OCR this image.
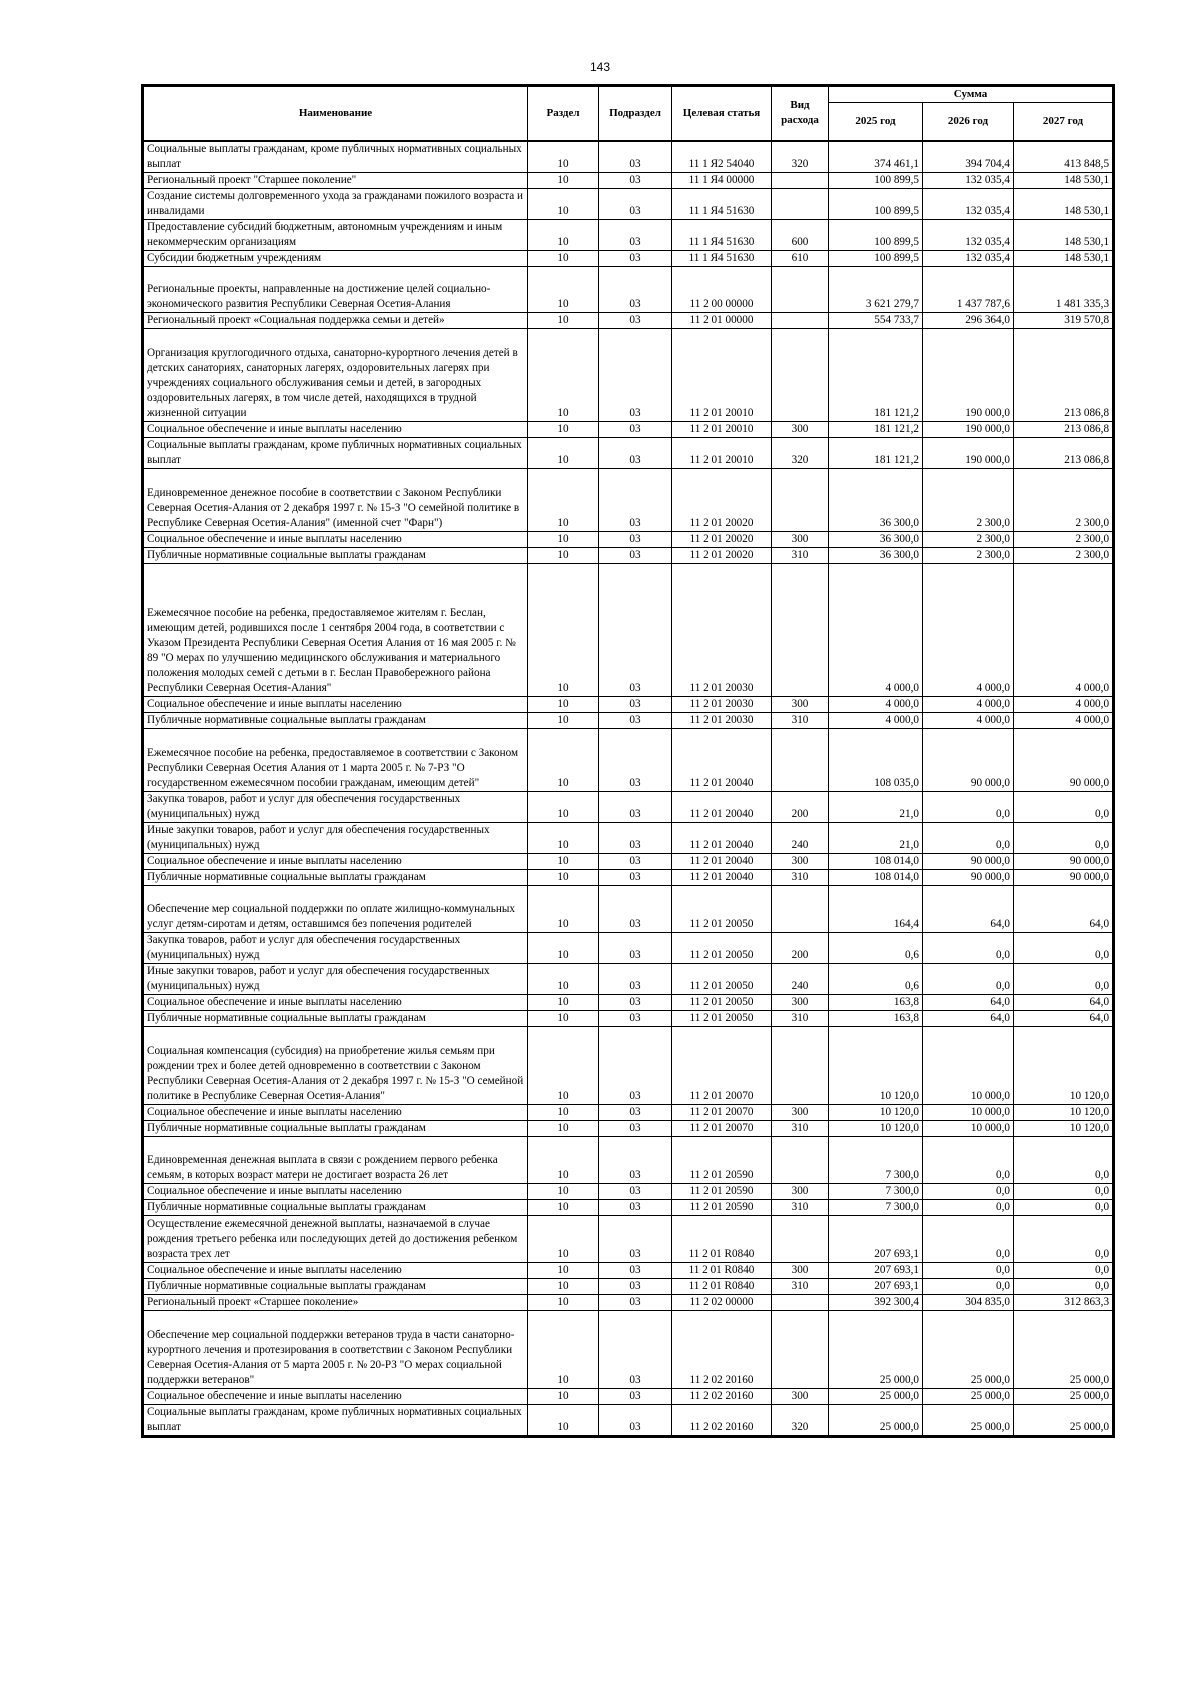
143
Наименование	Раздел	Подраздел	Целевая статья	Вид расхода	Сумма		
					2025 год	2026 год	2027 год
Социальные выплаты гражданам, кроме публичных нормативных социальных выплат	10	03	11 1 Я2 54040	320	374 461,1	394 704,4	413 848,5
Региональный проект "Старшее поколение"	10	03	11 1 Я4 00000		100 899,5	132 035,4	148 530,1
Создание системы долговременного ухода за гражданами пожилого возраста и инвалидами	10	03	11 1 Я4 51630		100 899,5	132 035,4	148 530,1
Предоставление субсидий бюджетным, автономным учреждениям и иным некоммерческим организациям	10	03	11 1 Я4 51630	600	100 899,5	132 035,4	148 530,1
Субсидии бюджетным учреждениям	10	03	11 1 Я4 51630	610	100 899,5	132 035,4	148 530,1
Региональные проекты, направленные на достижение целей социально-экономического развития Республики Северная Осетия-Алания	10	03	11 2 00 00000		3 621 279,7	1 437 787,6	1 481 335,3
Региональный проект «Социальная поддержка семьи и детей»	10	03	11 2 01 00000		554 733,7	296 364,0	319 570,8
Организация круглогодичного отдыха, санаторно-курортного лечения детей в детских санаториях, санаторных лагерях, оздоровительных лагерях при учреждениях социального обслуживания семьи и детей, в загородных оздоровительных лагерях, в том числе детей, находящихся в трудной жизненной ситуации	10	03	11 2 01 20010		181 121,2	190 000,0	213 086,8
Социальное обеспечение и иные выплаты населению	10	03	11 2 01 20010	300	181 121,2	190 000,0	213 086,8
Социальные выплаты гражданам, кроме публичных нормативных социальных выплат	10	03	11 2 01 20010	320	181 121,2	190 000,0	213 086,8
Единовременное денежное пособие в соответствии с Законом Республики Северная Осетия-Алания от 2 декабря 1997 г. № 15-З "О семейной политике в Республике Северная Осетия-Алания" (именной счет "Фарн")	10	03	11 2 01 20020		36 300,0	2 300,0	2 300,0
Социальное обеспечение и иные выплаты населению	10	03	11 2 01 20020	300	36 300,0	2 300,0	2 300,0
Публичные нормативные социальные выплаты гражданам	10	03	11 2 01 20020	310	36 300,0	2 300,0	2 300,0
Ежемесячное пособие на ребенка, предоставляемое жителям г. Беслан, имеющим детей, родившихся после 1 сентября 2004 года, в соответствии с Указом Президента Республики Северная Осетия Алания от 16 мая 2005 г. № 89 "О мерах по улучшению медицинского обслуживания и материального положения молодых семей с детьми в г. Беслан Правобережного района Республики Северная Осетия-Алания"	10	03	11 2 01 20030		4 000,0	4 000,0	4 000,0
Социальное обеспечение и иные выплаты населению	10	03	11 2 01 20030	300	4 000,0	4 000,0	4 000,0
Публичные нормативные социальные выплаты гражданам	10	03	11 2 01 20030	310	4 000,0	4 000,0	4 000,0
Ежемесячное пособие на ребенка, предоставляемое в соответствии с Законом Республики Северная Осетия Алания от 1 марта 2005 г. № 7-РЗ "О государственном ежемесячном пособии гражданам, имеющим детей"	10	03	11 2 01 20040		108 035,0	90 000,0	90 000,0
Закупка товаров, работ и услуг для обеспечения государственных (муниципальных) нужд	10	03	11 2 01 20040	200	21,0	0,0	0,0
Иные закупки товаров, работ и услуг для обеспечения государственных (муниципальных) нужд	10	03	11 2 01 20040	240	21,0	0,0	0,0
Социальное обеспечение и иные выплаты населению	10	03	11 2 01 20040	300	108 014,0	90 000,0	90 000,0
Публичные нормативные социальные выплаты гражданам	10	03	11 2 01 20040	310	108 014,0	90 000,0	90 000,0
Обеспечение мер социальной поддержки по оплате жилищно-коммунальных услуг детям-сиротам и детям, оставшимся без попечения родителей	10	03	11 2 01 20050		164,4	64,0	64,0
Закупка товаров, работ и услуг для обеспечения государственных (муниципальных) нужд	10	03	11 2 01 20050	200	0,6	0,0	0,0
Иные закупки товаров, работ и услуг для обеспечения государственных (муниципальных) нужд	10	03	11 2 01 20050	240	0,6	0,0	0,0
Социальное обеспечение и иные выплаты населению	10	03	11 2 01 20050	300	163,8	64,0	64,0
Публичные нормативные социальные выплаты гражданам	10	03	11 2 01 20050	310	163,8	64,0	64,0
Социальная компенсация (субсидия) на приобретение жилья семьям при рождении трех и более детей одновременно в соответствии с Законом Республики Северная Осетия-Алания от 2 декабря 1997 г. № 15-З "О семейной политике в Республике Северная Осетия-Алания"	10	03	11 2 01 20070		10 120,0	10 000,0	10 120,0
Социальное обеспечение и иные выплаты населению	10	03	11 2 01 20070	300	10 120,0	10 000,0	10 120,0
Публичные нормативные социальные выплаты гражданам	10	03	11 2 01 20070	310	10 120,0	10 000,0	10 120,0
Единовременная денежная выплата в связи с рождением первого ребенка семьям, в которых возраст матери не достигает возраста 26 лет	10	03	11 2 01 20590		7 300,0	0,0	0,0
Социальное обеспечение и иные выплаты населению	10	03	11 2 01 20590	300	7 300,0	0,0	0,0
Публичные нормативные социальные выплаты гражданам	10	03	11 2 01 20590	310	7 300,0	0,0	0,0
Осуществление ежемесячной денежной выплаты, назначаемой в случае рождения третьего ребенка или последующих детей до достижения ребенком возраста трех лет	10	03	11 2 01 R0840		207 693,1	0,0	0,0
Социальное обеспечение и иные выплаты населению	10	03	11 2 01 R0840	300	207 693,1	0,0	0,0
Публичные нормативные социальные выплаты гражданам	10	03	11 2 01 R0840	310	207 693,1	0,0	0,0
Региональный проект «Старшее поколение»	10	03	11 2 02 00000		392 300,4	304 835,0	312 863,3
Обеспечение мер социальной поддержки ветеранов труда в части санаторно-курортного лечения и протезирования в соответствии с Законом Республики Северная Осетия-Алания от 5 марта 2005 г. № 20-РЗ "О мерах социальной поддержки ветеранов"	10	03	11 2 02 20160		25 000,0	25 000,0	25 000,0
Социальное обеспечение и иные выплаты населению	10	03	11 2 02 20160	300	25 000,0	25 000,0	25 000,0
Социальные выплаты гражданам, кроме публичных нормативных социальных выплат	10	03	11 2 02 20160	320	25 000,0	25 000,0	25 000,0
